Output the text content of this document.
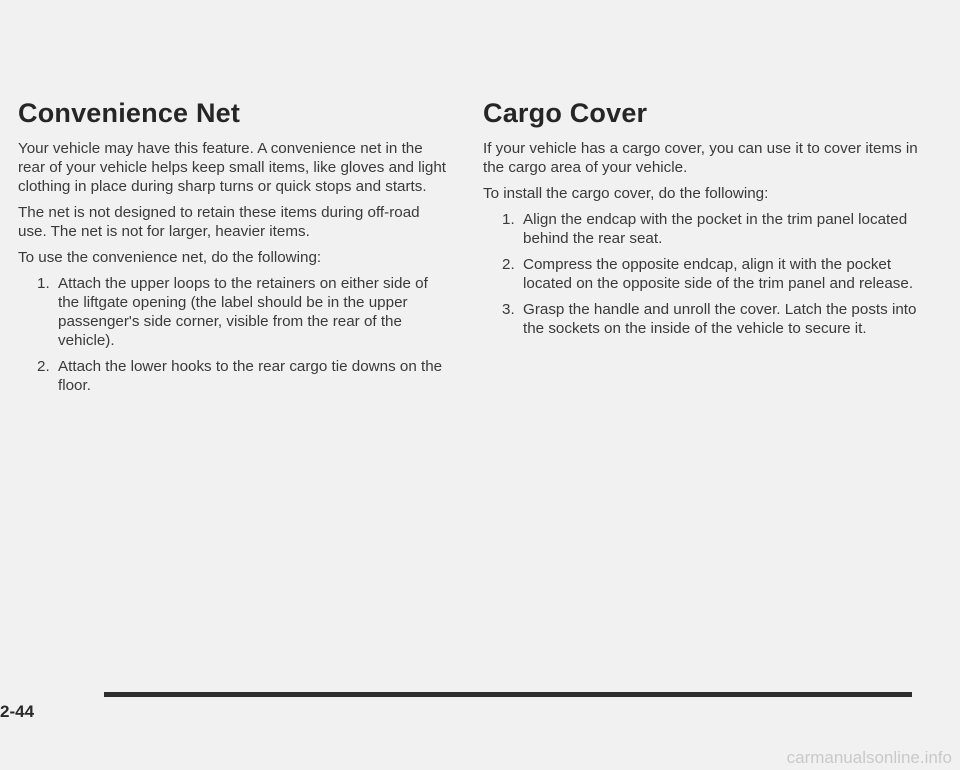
Convenience Net

Your vehicle may have this feature. A convenience net in the rear of your vehicle helps keep small items, like gloves and light clothing in place during sharp turns or quick stops and starts.

The net is not designed to retain these items during off-road use. The net is not for larger, heavier items.

To use the convenience net, do the following:

1. Attach the upper loops to the retainers on either side of the liftgate opening (the label should be in the upper passenger's side corner, visible from the rear of the vehicle).
2. Attach the lower hooks to the rear cargo tie downs on the floor.
Cargo Cover

If your vehicle has a cargo cover, you can use it to cover items in the cargo area of your vehicle.

To install the cargo cover, do the following:

1. Align the endcap with the pocket in the trim panel located behind the rear seat.
2. Compress the opposite endcap, align it with the pocket located on the opposite side of the trim panel and release.
3. Grasp the handle and unroll the cover. Latch the posts into the sockets on the inside of the vehicle to secure it.
2-44
carmanualsonline.info
